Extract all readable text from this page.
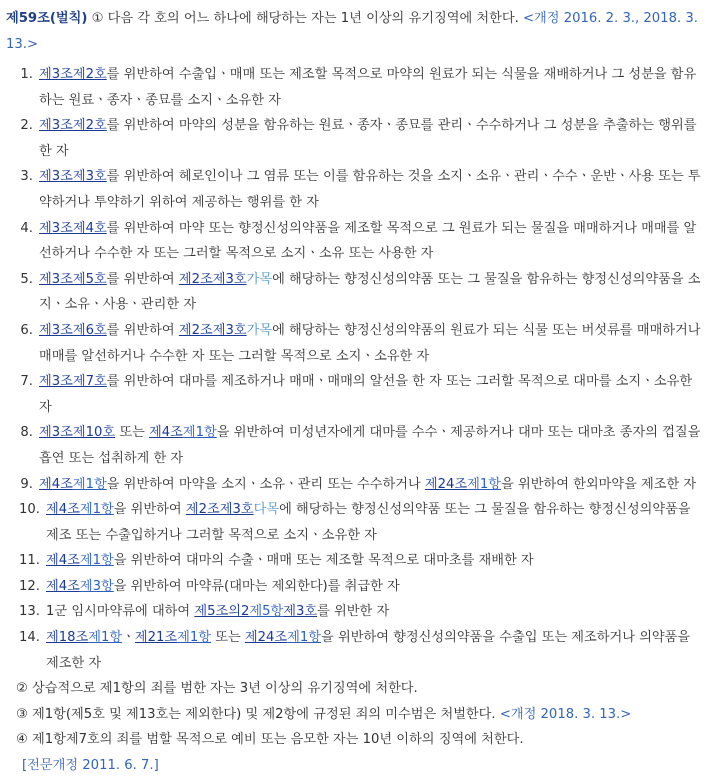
제59조(벌칙) ① 다음 각 호의 어느 하나에 해당하는 자는 1년 이상의 유기징역에 처한다. <개정 2016. 2. 3., 2018. 3. 13.>

1. 제3조제2호를 위반하여 수출입ㆍ매매 또는 제조할 목적으로 마약의 원료가 되는 식물을 재배하거나 그 성분을 함유하는 원료ㆍ종자ㆍ종묘를 소지ㆍ소유한 자
2. 제3조제2호를 위반하여 마약의 성분을 함유하는 원료ㆍ종자ㆍ종묘를 관리ㆍ수수하거나 그 성분을 추출하는 행위를 한 자
3. 제3조제3호를 위반하여 헤로인이나 그 염류 또는 이를 함유하는 것을 소지ㆍ소유ㆍ관리ㆍ수수ㆍ운반ㆍ사용 또는 투약하거나 투약하기 위하여 제공하는 행위를 한 자
4. 제3조제4호를 위반하여 마약 또는 향정신성의약품을 제조할 목적으로 그 원료가 되는 물질을 매매하거나 매매를 알선하거나 수수한 자 또는 그러할 목적으로 소지ㆍ소유 또는 사용한 자
5. 제3조제5호를 위반하여 제2조제3호가목에 해당하는 향정신성의약품 또는 그 물질을 함유하는 향정신성의약품을 소지ㆍ소유ㆍ사용ㆍ관리한 자
6. 제3조제6호를 위반하여 제2조제3호가목에 해당하는 향정신성의약품의 원료가 되는 식물 또는 버섯류를 매매하거나 매매를 알선하거나 수수한 자 또는 그러할 목적으로 소지ㆍ소유한 자
7. 제3조제7호를 위반하여 대마를 제조하거나 매매ㆍ매매의 알선을 한 자 또는 그러할 목적으로 대마를 소지ㆍ소유한 자
8. 제3조제10호 또는 제4조제1항을 위반하여 미성년자에게 대마를 수수ㆍ제공하거나 대마 또는 대마초 종자의 껍질을 흡연 또는 섭취하게 한 자
9. 제4조제1항을 위반하여 마약을 소지ㆍ소유ㆍ관리 또는 수수하거나 제24조제1항을 위반하여 한외마약을 제조한 자
10. 제4조제1항을 위반하여 제2조제3호다목에 해당하는 향정신성의약품 또는 그 물질을 함유하는 향정신성의약품을 제조 또는 수출입하거나 그러할 목적으로 소지ㆍ소유한 자
11. 제4조제1항을 위반하여 대마의 수출ㆍ매매 또는 제조할 목적으로 대마초를 재배한 자
12. 제4조제3항을 위반하여 마약류(대마는 제외한다)를 취급한 자
13. 1군 임시마약류에 대하여 제5조의2제5항제3호를 위반한 자
14. 제18조제1항ㆍ제21조제1항 또는 제24조제1항을 위반하여 향정신성의약품을 수출입 또는 제조하거나 의약품을 제조한 자
② 상습적으로 제1항의 죄를 범한 자는 3년 이상의 유기징역에 처한다.
③ 제1항(제5호 및 제13호는 제외한다) 및 제2항에 규정된 죄의 미수범은 처벌한다. <개정 2018. 3. 13.>
④ 제1항제7호의 죄를 범할 목적으로 예비 또는 음모한 자는 10년 이하의 징역에 처한다.
[전문개정 2011. 6. 7.]
